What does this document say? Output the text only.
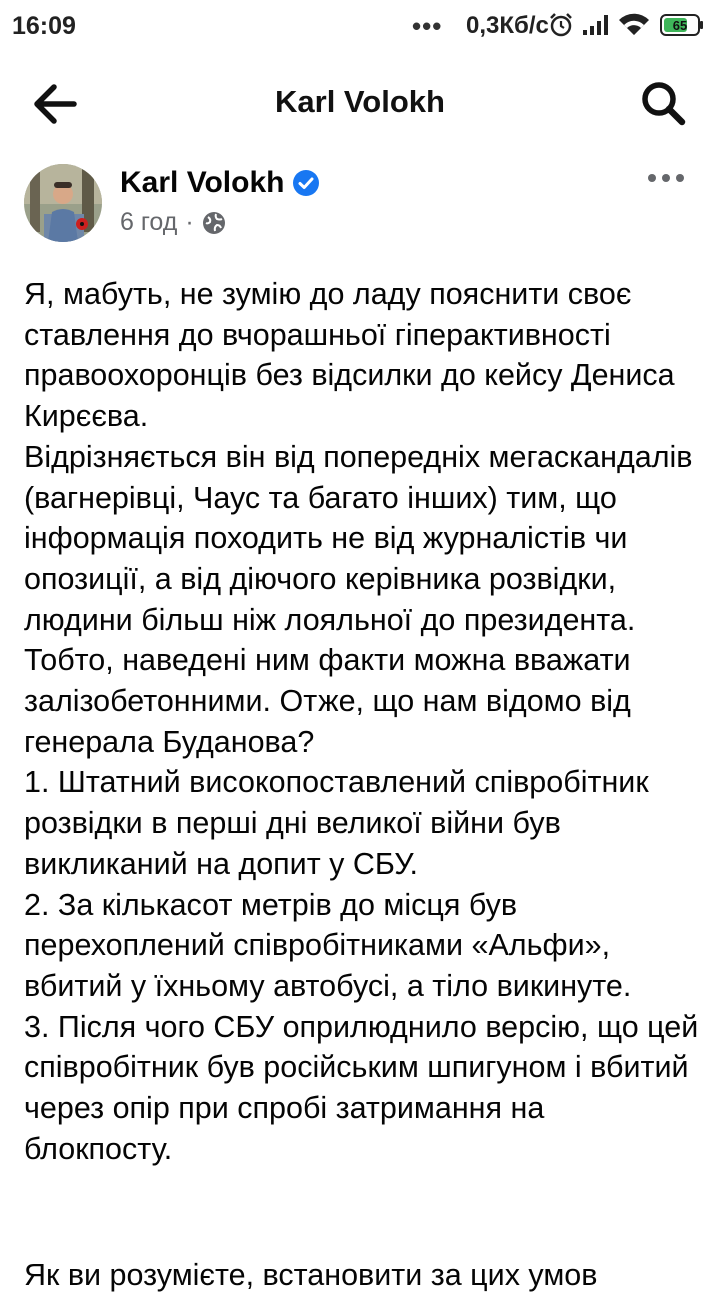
16:09	••• 0,3Кб/с	65
Karl Volokh
Karl Volokh
6 год ·

Я, мабуть, не зумію до ладу пояснити своє ставлення до вчорашньої гіперактивності правоохоронців без відсилки до кейсу Дениса Кирєєва.

Відрізняється він від попередніх мегаскандалів (вагнерівці, Чаус та багато інших) тим, що інформація походить не від журналістів чи опозиції, а від діючого керівника розвідки, людини більш ніж лояльної до президента. Тобто, наведені ним факти можна вважати залізобетонними. Отже, що нам відомо від генерала Буданова?

1. Штатний високопоставлений співробітник розвідки в перші дні великої війни був викликаний на допит у СБУ.

2. За кількасот метрів до місця був перехоплений співробітниками «Альфи», вбитий у їхньому автобусі, а тіло викинуте.

3. Після чого СБУ оприлюднило версію, що цей співробітник був російським шпигуном і вбитий через опір при спробі затримання на блокпосту.

Як ви розумієте, встановити за цих умов
